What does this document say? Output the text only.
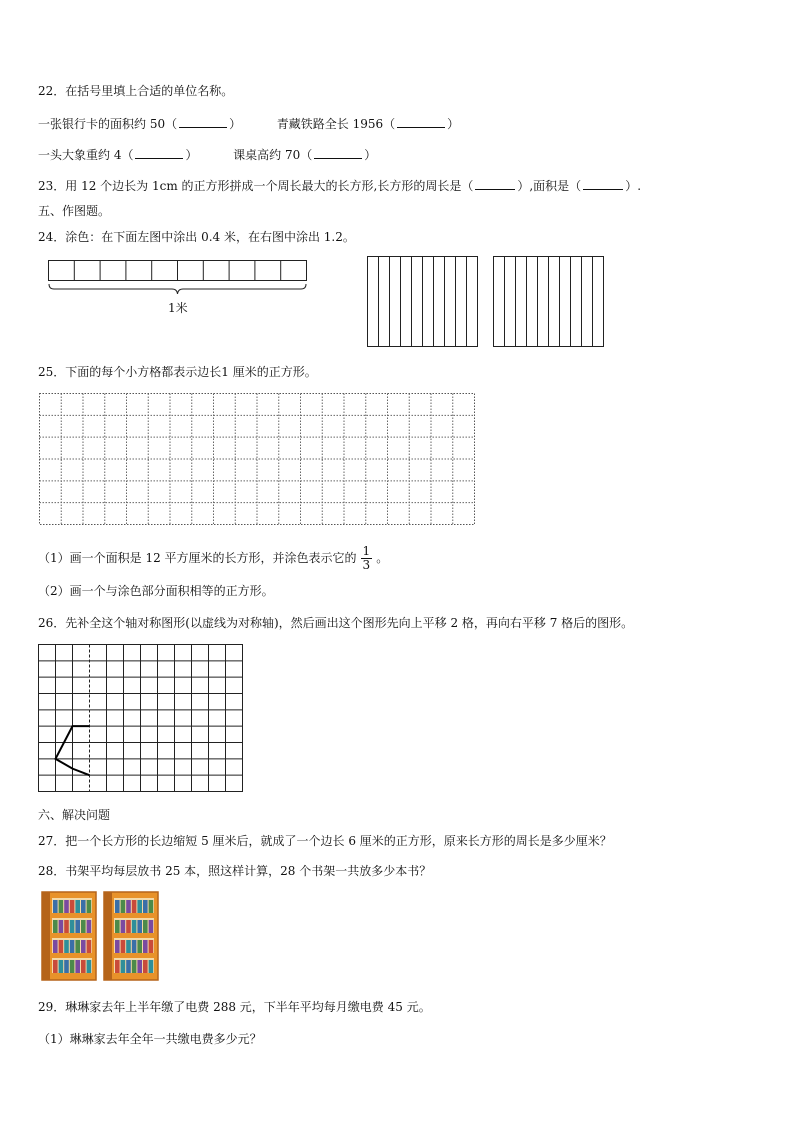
22．在括号里填上合适的单位名称。
一张银行卡的面积约 50（	）	青藏铁路全长 1956（	）
一头大象重约 4（	）	课桌高约 70（	）
23．用 12 个边长为 1cm 的正方形拼成一个周长最大的长方形,长方形的周长是（	）,面积是（	）.
五、作图题。
24．涂色：在下面左图中涂出 0.4 米，在右图中涂出 1.2。
1米
25．下面的每个小方格都表示边长1 厘米的正方形。
（1）画一个面积是 12 平方厘米的长方形，并涂色表示它的 $\frac{1}{3}$ 。
（2）画一个与涂色部分面积相等的正方形。
26．先补全这个轴对称图形(以虚线为对称轴)，然后画出这个图形先向上平移 2 格，再向右平移 7 格后的图形。
六、解决问题
27．把一个长方形的长边缩短 5 厘米后，就成了一个边长 6 厘米的正方形，原来长方形的周长是多少厘米？
28．书架平均每层放书 25 本，照这样计算，28 个书架一共放多少本书？
29．琳琳家去年上半年缴了电费 288 元，下半年平均每月缴电费 45 元。
（1）琳琳家去年全年一共缴电费多少元？
